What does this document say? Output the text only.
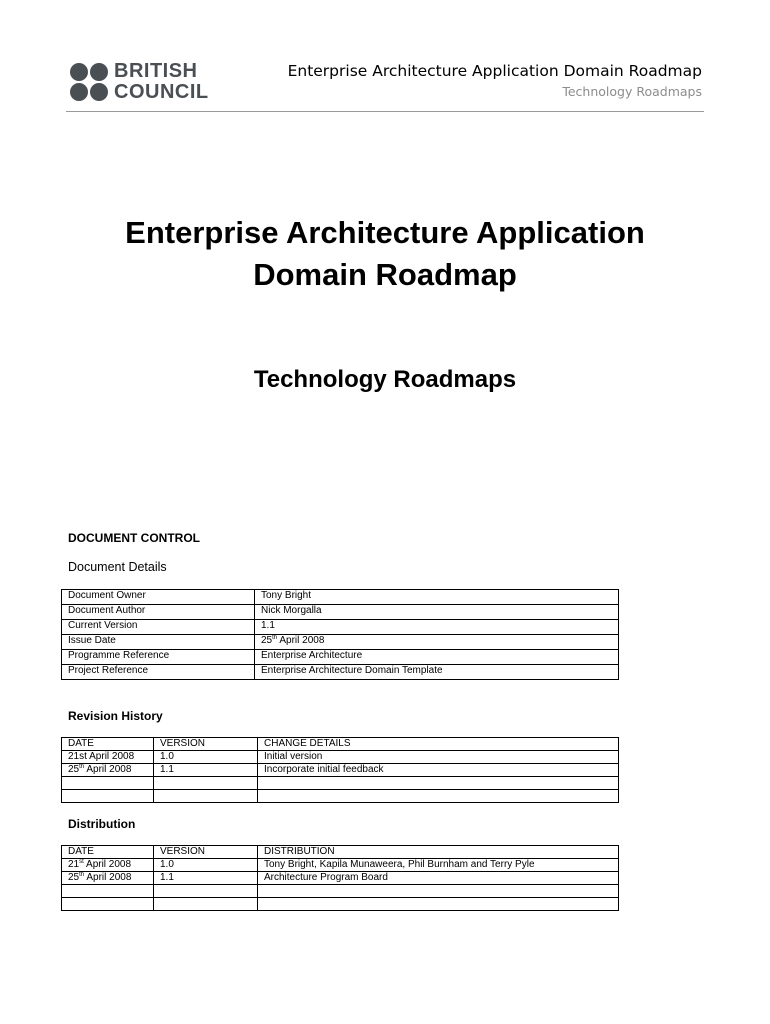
BRITISH
COUNCIL
Enterprise Architecture Application Domain Roadmap
Technology Roadmaps
Enterprise Architecture Application
Domain Roadmap
Technology Roadmaps
DOCUMENT CONTROL
Document Details
Document Owner	Tony Bright
Document Author	Nick Morgalla
Current Version	1.1
Issue Date	25th April 2008
Programme Reference	Enterprise Architecture
Project Reference	Enterprise Architecture Domain Template
Revision History
DATE	VERSION	CHANGE DETAILS
21st April 2008	1.0	Initial version
25th April 2008	1.1	Incorporate initial feedback

Distribution
DATE	VERSION	DISTRIBUTION
21st April 2008	1.0	Tony Bright, Kapila Munaweera, Phil Burnham and Terry Pyle
25th April 2008	1.1	Architecture Program Board
